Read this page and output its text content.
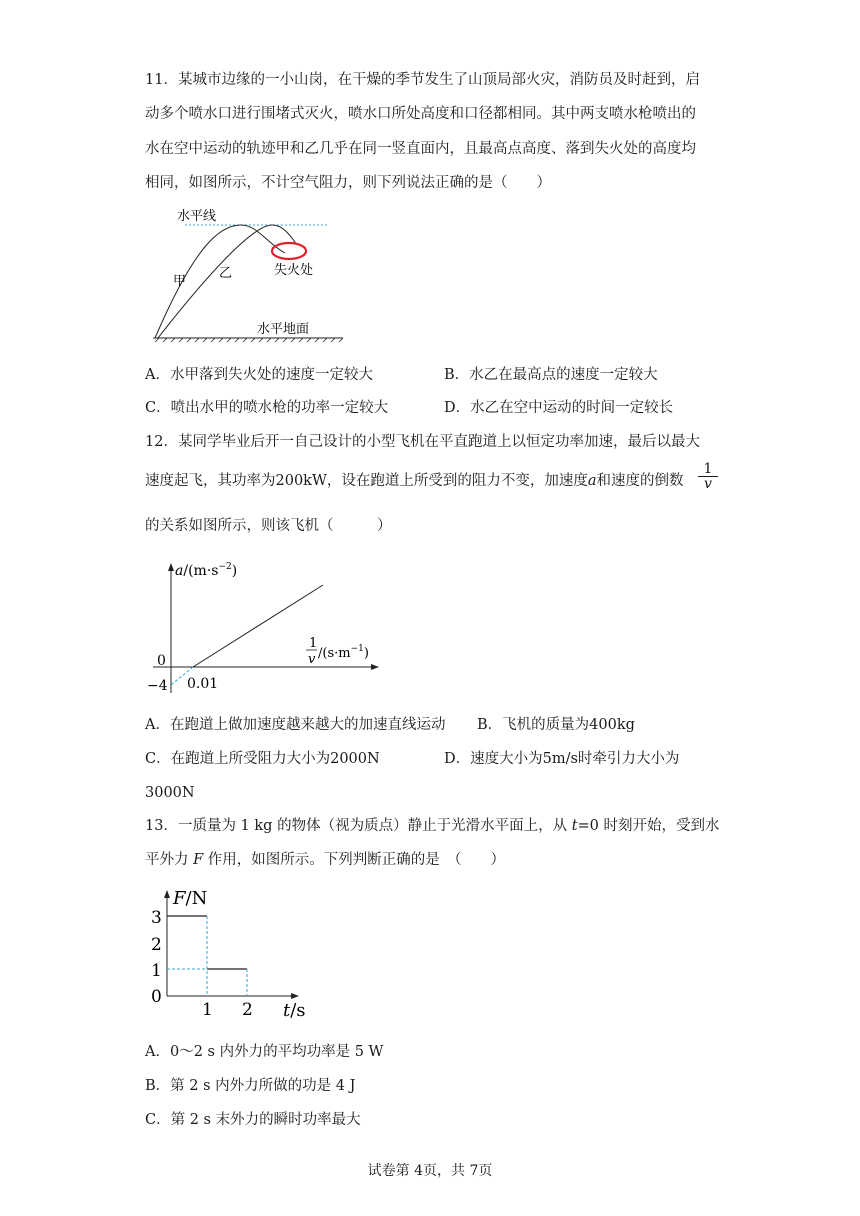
11．某城市边缘的一小山岗，在干燥的季节发生了山顶局部火灾，消防员及时赶到，启
动多个喷水口进行围堵式灭火，喷水口所处高度和口径都相同。其中两支喷水枪喷出的
水在空中运动的轨迹甲和乙几乎在同一竖直面内，且最高点高度、落到失火处的高度均
相同，如图所示，不计空气阻力，则下列说法正确的是（　　）
水平线
甲
乙	失火处
水平地面
A．水甲落到失火处的速度一定较大	B．水乙在最高点的速度一定较大
C．喷出水甲的喷水枪的功率一定较大	D．水乙在空中运动的时间一定较长
12．某同学毕业后开一自己设计的小型飞机在平直跑道上以恒定功率加速，最后以最大
速度起飞，其功率为200kW，设在跑道上所受到的阻力不变，加速度a和速度的倒数 $\frac{1}{v}$
的关系如图所示，则该飞机（　　　）
$a/(m\cdot s^{-2})$
1
v $/(s\cdot m^{-1})$
0
−4 0.01
A．在跑道上做加速度越来越大的加速直线运动 B．飞机的质量为400kg
C．在跑道上所受阻力大小为2000N	D．速度大小为5m/s时牵引力大小为
3000N
13．一质量为 1 kg 的物体（视为质点）静止于光滑水平面上，从 t=0 时刻开始，受到水
平外力 F 作用，如图所示。下列判断正确的是　（　　）
F/N
t/s
3
2
1
0
1 2
A．0～2 s 内外力的平均功率是 5 W
B．第 2 s 内外力所做的功是 4 J
C．第 2 s 末外力的瞬时功率最大
试卷第 4页，共 7页
